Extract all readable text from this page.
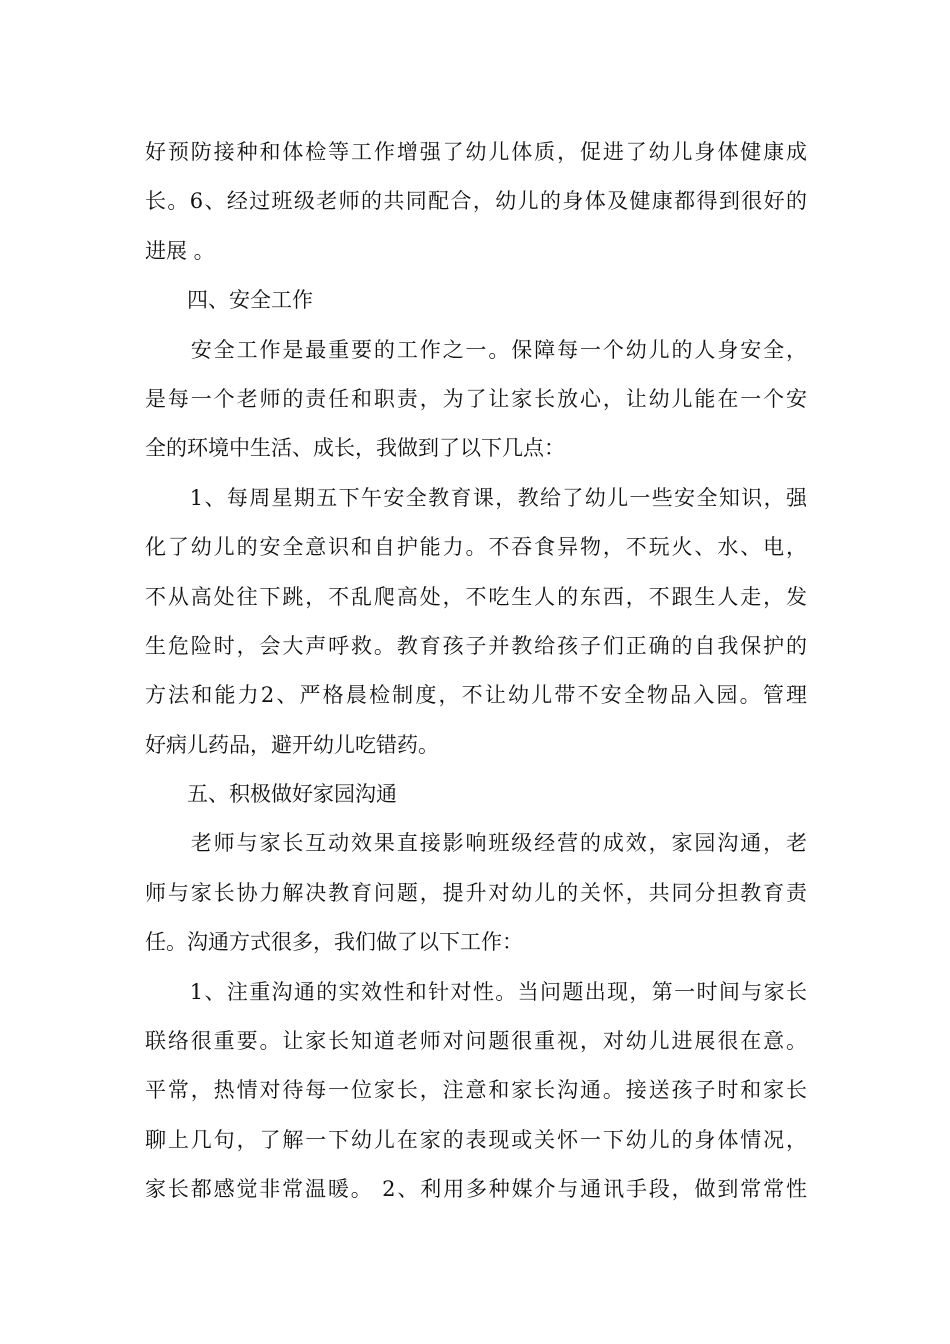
好预防接种和体检等工作增强了幼儿体质，促进了幼儿身体健康成

长。6、经过班级老师的共同配合，幼儿的身体及健康都得到很好的

进展 。

　　四、安全工作

　　安全工作是最重要的工作之一。保障每一个幼儿的人身安全，

是每一个老师的责任和职责，为了让家长放心，让幼儿能在一个安

全的环境中生活、成长，我做到了以下几点：

　　1、每周星期五下午安全教育课，教给了幼儿一些安全知识，强

化了幼儿的安全意识和自护能力。不吞食异物，不玩火、水、电，

不从高处往下跳，不乱爬高处，不吃生人的东西，不跟生人走，发

生危险时，会大声呼救。教育孩子并教给孩子们正确的自我保护的

方法和能力2、严格晨检制度，不让幼儿带不安全物品入园。管理

好病儿药品，避开幼儿吃错药。

　　五、积极做好家园沟通

　　老师与家长互动效果直接影响班级经营的成效，家园沟通，老

师与家长协力解决教育问题，提升对幼儿的关怀，共同分担教育责

任。沟通方式很多，我们做了以下工作：

　　1、注重沟通的实效性和针对性。当问题出现，第一时间与家长

联络很重要。让家长知道老师对问题很重视，对幼儿进展很在意。

平常，热情对待每一位家长，注意和家长沟通。接送孩子时和家长

聊上几句，了解一下幼儿在家的表现或关怀一下幼儿的身体情况，

家长都感觉非常温暖。 2、利用多种媒介与通讯手段，做到常常性
